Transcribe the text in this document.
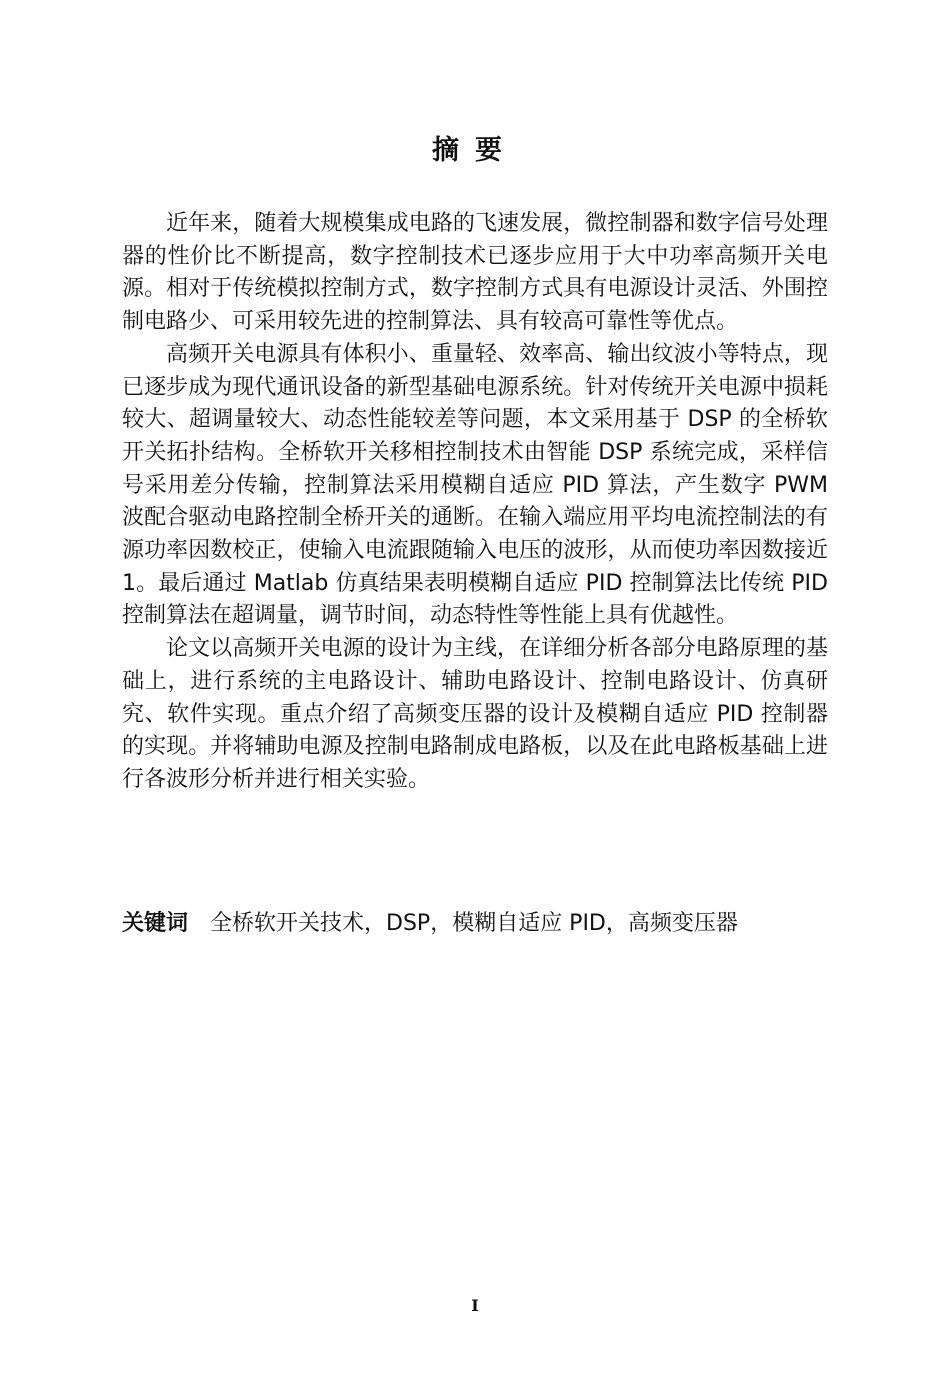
摘要

近年来，随着大规模集成电路的飞速发展，微控制器和数字信号处理器的性价比不断提高，数字控制技术已逐步应用于大中功率高频开关电源。相对于传统模拟控制方式，数字控制方式具有电源设计灵活、外围控制电路少、可采用较先进的控制算法、具有较高可靠性等优点。

高频开关电源具有体积小、重量轻、效率高、输出纹波小等特点，现已逐步成为现代通讯设备的新型基础电源系统。针对传统开关电源中损耗较大、超调量较大、动态性能较差等问题，本文采用基于 DSP 的全桥软开关拓扑结构。全桥软开关移相控制技术由智能 DSP 系统完成，采样信号采用差分传输，控制算法采用模糊自适应 PID 算法，产生数字 PWM 波配合驱动电路控制全桥开关的通断。在输入端应用平均电流控制法的有源功率因数校正，使输入电流跟随输入电压的波形，从而使功率因数接近 1。最后通过 Matlab 仿真结果表明模糊自适应 PID 控制算法比传统 PID 控制算法在超调量，调节时间，动态特性等性能上具有优越性。

论文以高频开关电源的设计为主线，在详细分析各部分电路原理的基础上，进行系统的主电路设计、辅助电路设计、控制电路设计、仿真研究、软件实现。重点介绍了高频变压器的设计及模糊自适应 PID 控制器的实现。并将辅助电源及控制电路制成电路板，以及在此电路板基础上进行各波形分析并进行相关实验。

关键词 全桥软开关技术，DSP，模糊自适应 PID，高频变压器
I
